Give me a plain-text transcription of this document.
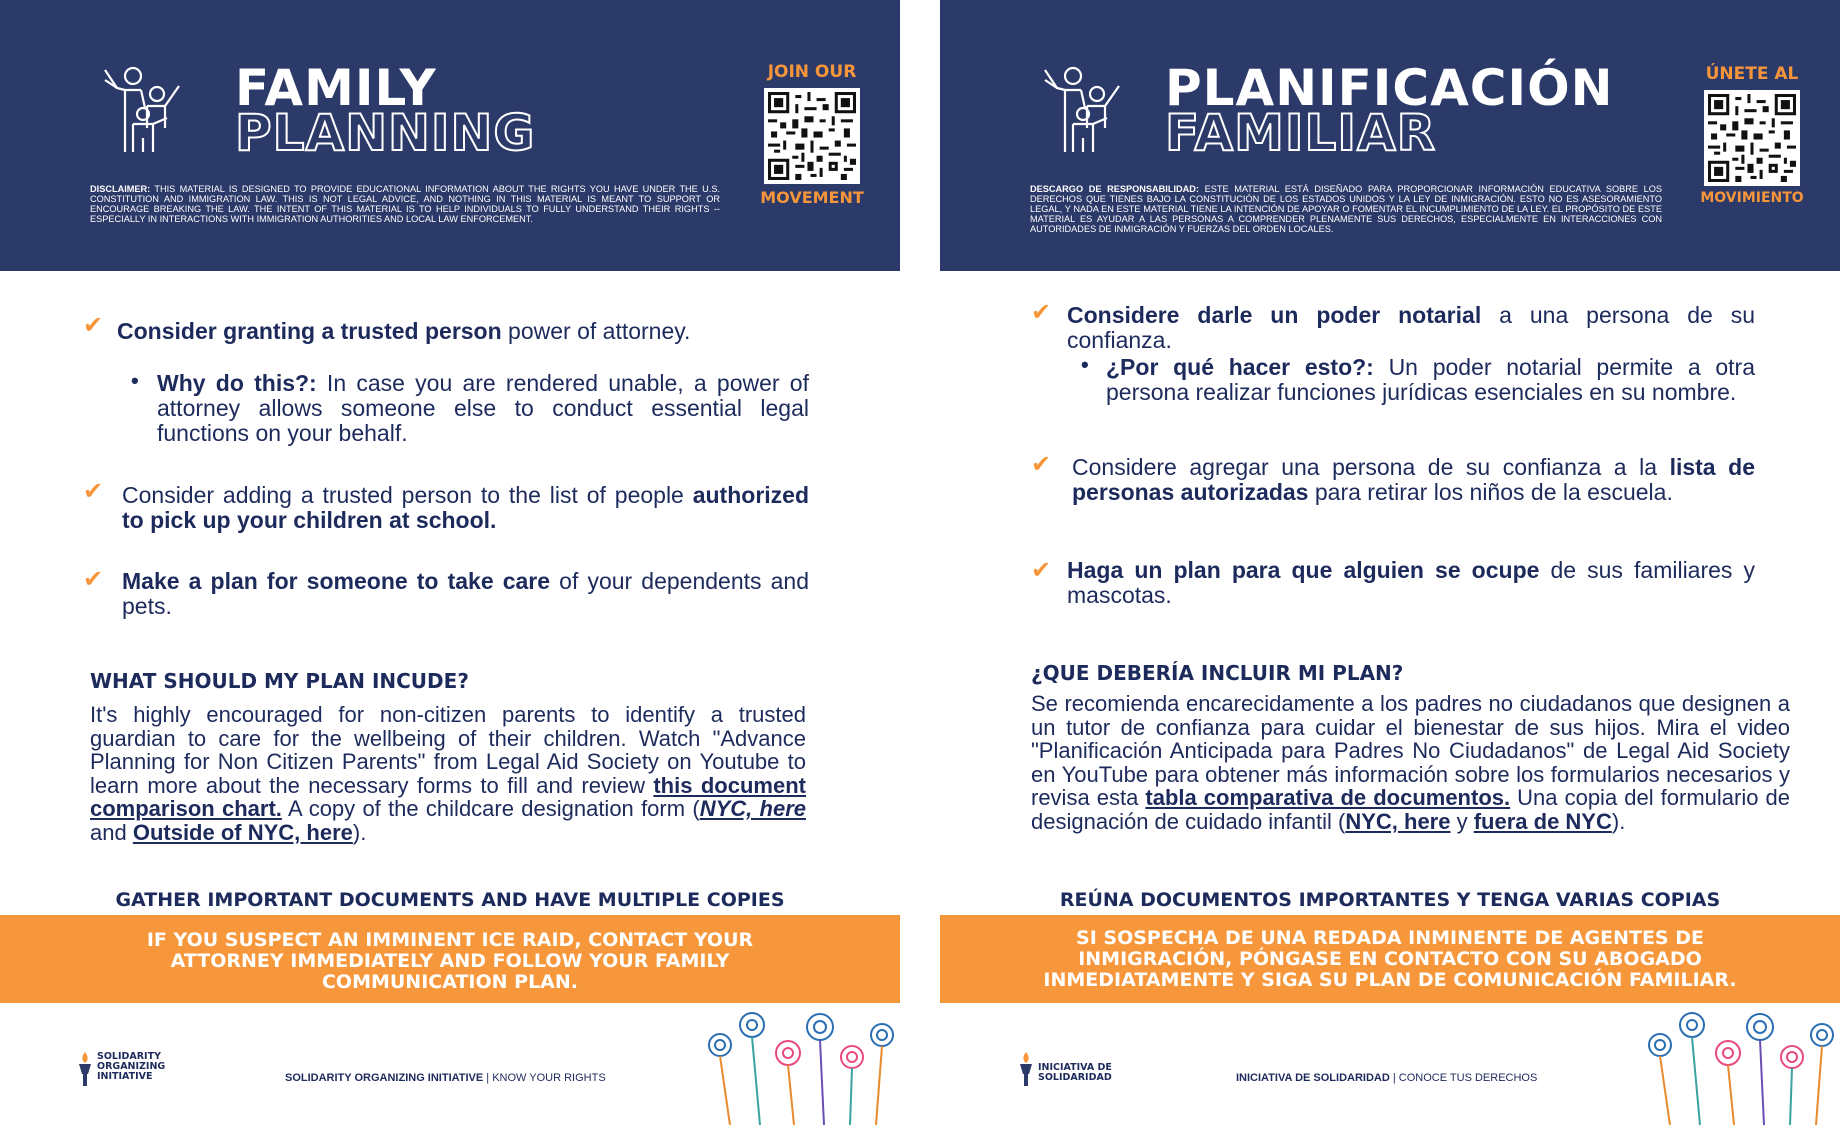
FAMILY
PLANNING
JOIN OUR
MOVEMENT
DISCLAIMER: THIS MATERIAL IS DESIGNED TO PROVIDE EDUCATIONAL INFORMATION ABOUT THE RIGHTS YOU HAVE UNDER THE U.S. CONSTITUTION AND IMMIGRATION LAW. THIS IS NOT LEGAL ADVICE, AND NOTHING IN THIS MATERIAL IS MEANT TO SUPPORT OR ENCOURAGE BREAKING THE LAW. THE INTENT OF THIS MATERIAL IS TO HELP INDIVIDUALS TO FULLY UNDERSTAND THEIR RIGHTS -- ESPECIALLY IN INTERACTIONS WITH IMMIGRATION AUTHORITIES AND LOCAL LAW ENFORCEMENT.
✔ Consider granting a trusted person power of attorney.
• Why do this?: In case you are rendered unable, a power of attorney allows someone else to conduct essential legal functions on your behalf.
✔ Consider adding a trusted person to the list of people authorized to pick up your children at school.
✔ Make a plan for someone to take care of your dependents and pets.
WHAT SHOULD MY PLAN INCUDE?
It's highly encouraged for non-citizen parents to identify a trusted guardian to care for the wellbeing of their children. Watch "Advance Planning for Non Citizen Parents" from Legal Aid Society on Youtube to learn more about the necessary forms to fill and review this document comparison chart. A copy of the childcare designation form (NYC, here and Outside of NYC, here).
GATHER IMPORTANT DOCUMENTS AND HAVE MULTIPLE COPIES
IF YOU SUSPECT AN IMMINENT ICE RAID, CONTACT YOUR ATTORNEY IMMEDIATELY AND FOLLOW YOUR FAMILY COMMUNICATION PLAN.
SOLIDARITY
ORGANIZING
INITIATIVE	SOLIDARITY ORGANIZING INITIATIVE | KNOW YOUR RIGHTS
PLANIFICACIÓN
FAMILIAR
ÚNETE AL
MOVIMIENTO
DESCARGO DE RESPONSABILIDAD: ESTE MATERIAL ESTÁ DISEÑADO PARA PROPORCIONAR INFORMACIÓN EDUCATIVA SOBRE LOS DERECHOS QUE TIENES BAJO LA CONSTITUCIÓN DE LOS ESTADOS UNIDOS Y LA LEY DE INMIGRACIÓN. ESTO NO ES ASESORAMIENTO LEGAL, Y NADA EN ESTE MATERIAL TIENE LA INTENCIÓN DE APOYAR O FOMENTAR EL INCUMPLIMIENTO DE LA LEY. EL PROPÓSITO DE ESTE MATERIAL ES AYUDAR A LAS PERSONAS A COMPRENDER PLENAMENTE SUS DERECHOS, ESPECIALMENTE EN INTERACCIONES CON AUTORIDADES DE INMIGRACIÓN Y FUERZAS DEL ORDEN LOCALES.
✔ Considere darle un poder notarial a una persona de su confianza.
• ¿Por qué hacer esto?: Un poder notarial permite a otra persona realizar funciones jurídicas esenciales en su nombre.
✔ Considere agregar una persona de su confianza a la lista de personas autorizadas para retirar los niños de la escuela.
✔ Haga un plan para que alguien se ocupe de sus familiares y mascotas.
¿QUE DEBERÍA INCLUIR MI PLAN?
Se recomienda encarecidamente a los padres no ciudadanos que designen a un tutor de confianza para cuidar el bienestar de sus hijos. Mira el video "Planificación Anticipada para Padres No Ciudadanos" de Legal Aid Society en YouTube para obtener más información sobre los formularios necesarios y revisa esta tabla comparativa de documentos. Una copia del formulario de designación de cuidado infantil (NYC, here y fuera de NYC).
REÚNA DOCUMENTOS IMPORTANTES Y TENGA VARIAS COPIAS
SI SOSPECHA DE UNA REDADA INMINENTE DE AGENTES DE INMIGRACIÓN, PÓNGASE EN CONTACTO CON SU ABOGADO INMEDIATAMENTE Y SIGA SU PLAN DE COMUNICACIÓN FAMILIAR.
INICIATIVA DE
SOLIDARIDAD	INICIATIVA DE SOLIDARIDAD | CONOCE TUS DERECHOS
